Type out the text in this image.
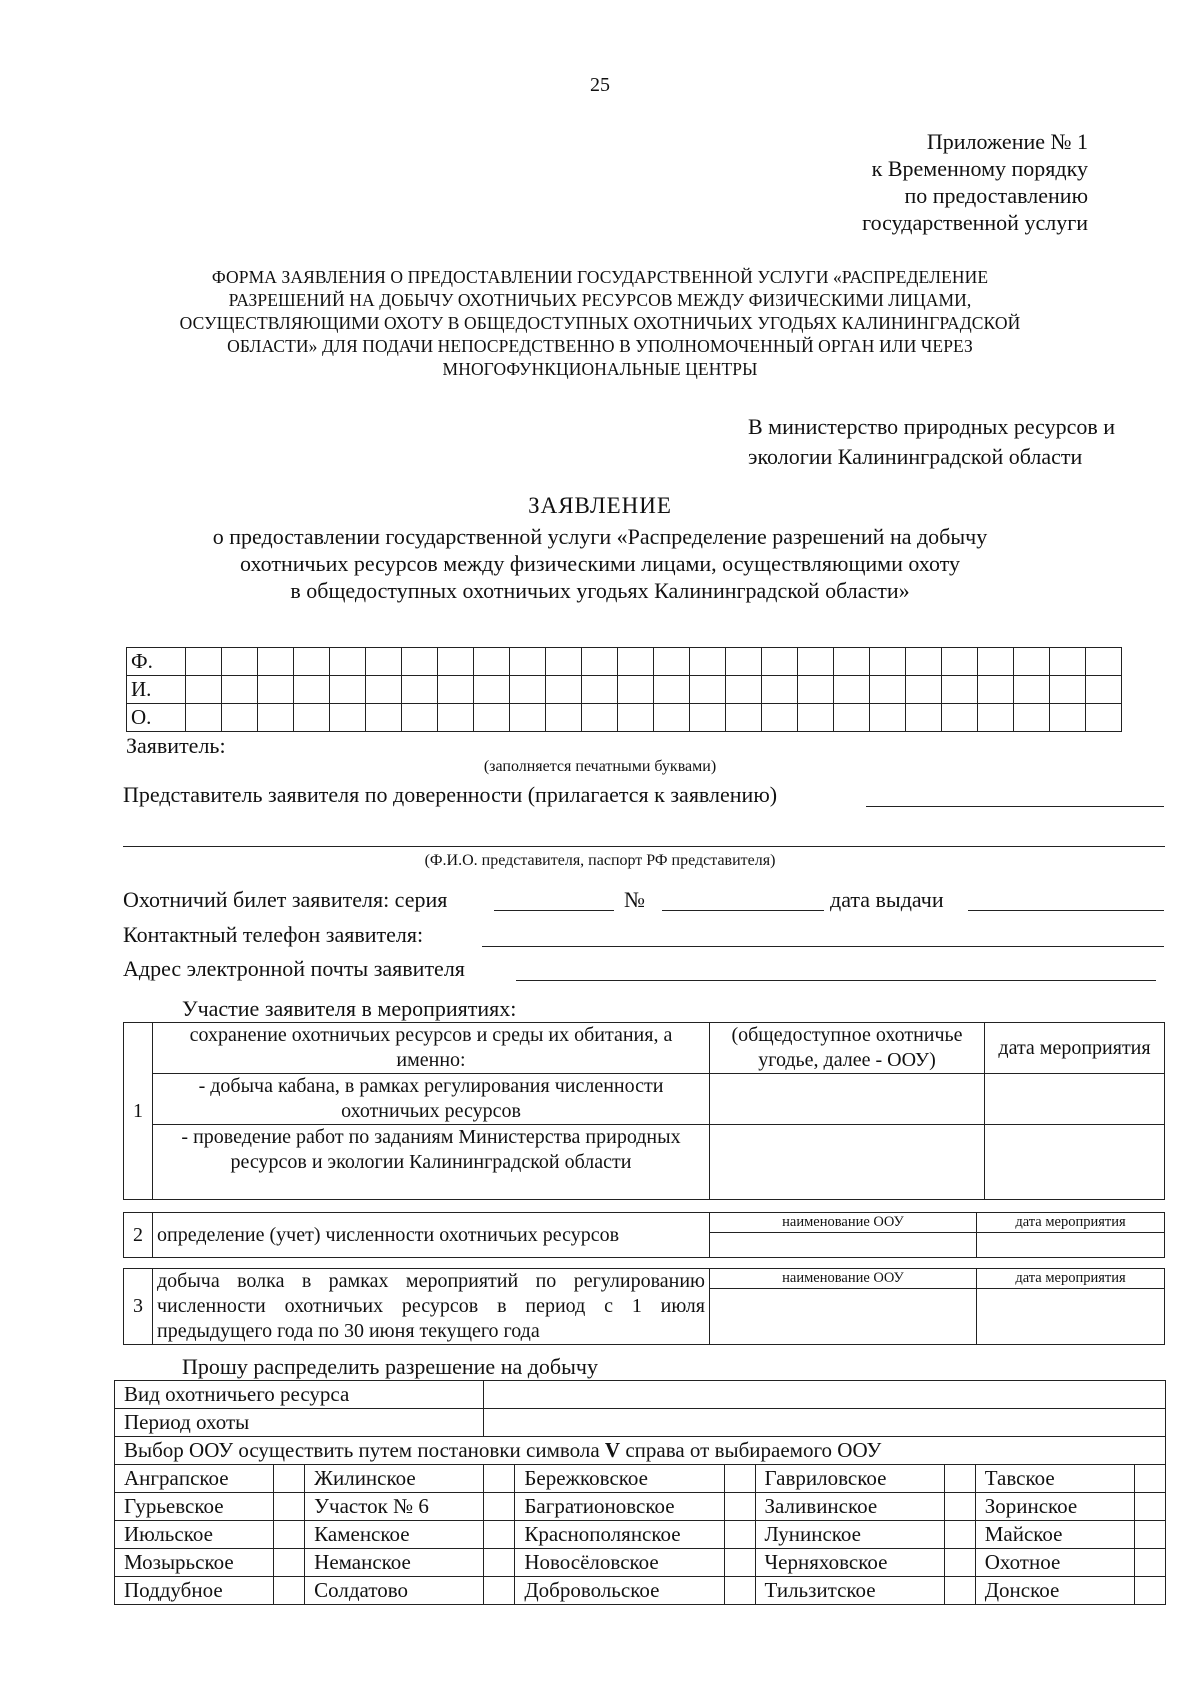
25
Приложение № 1
к Временному порядку
по предоставлению
государственной услуги
ФОРМА ЗАЯВЛЕНИЯ О ПРЕДОСТАВЛЕНИИ ГОСУДАРСТВЕННОЙ УСЛУГИ «РАСПРЕДЕЛЕНИЕ
РАЗРЕШЕНИЙ НА ДОБЫЧУ ОХОТНИЧЬИХ РЕСУРСОВ МЕЖДУ ФИЗИЧЕСКИМИ ЛИЦАМИ,
ОСУЩЕСТВЛЯЮЩИМИ ОХОТУ В ОБЩЕДОСТУПНЫХ ОХОТНИЧЬИХ УГОДЬЯХ КАЛИНИНГРАДСКОЙ
ОБЛАСТИ» ДЛЯ ПОДАЧИ НЕПОСРЕДСТВЕННО В УПОЛНОМОЧЕННЫЙ ОРГАН ИЛИ ЧЕРЕЗ
МНОГОФУНКЦИОНАЛЬНЫЕ ЦЕНТРЫ
В министерство природных ресурсов и
экологии Калининградской области
ЗАЯВЛЕНИЕ
о предоставлении государственной услуги «Распределение разрешений на добычу
охотничьих ресурсов между физическими лицами, осуществляющими охоту
в общедоступных охотничьих угодьях Калининградской области»
Ф.																										
И.																										
О.																										
Заявитель:
(заполняется печатными буквами)
Представитель заявителя по доверенности (прилагается к заявлению)
(Ф.И.О. представителя, паспорт РФ представителя)
Охотничий билет заявителя: серия	№	дата выдачи
Контактный телефон заявителя:
Адрес электронной почты заявителя
Участие заявителя в мероприятиях:
1	сохранение охотничьих ресурсов и среды их обитания, а именно:	(общедоступное охотничье угодье, далее - ООУ)	дата мероприятия
	- добыча кабана, в рамках регулирования численности охотничьих ресурсов		
	- проведение работ по заданиям Министерства природных ресурсов и экологии Калининградской области		
2	определение (учет) численности охотничьих ресурсов	
наименование ООУ	дата мероприятия
3	добыча волка в рамках мероприятий по регулированию численности охотничьих ресурсов в период с 1 июля предыдущего года по 30 июня текущего года	
наименование ООУ	дата мероприятия
Прошу распределить разрешение на добычу
Вид охотничьего ресурса									
Период охоты									
Выбор ООУ осуществить путем постановки символа V справа от выбираемого ООУ									
Ангрaпское		Жилинское		Бережковское		Гавриловское		Тавское	
Гурьевское		Участок № 6		Багратионовское		Заливинское		Зоринское	
Июльское		Каменское		Краснополянское		Лунинское		Майское	
Мозырьское		Неманское		Новосёловское		Черняховское		Охотное	
Поддубное		Солдатово		Добровольское		Тильзитское		Донское	
